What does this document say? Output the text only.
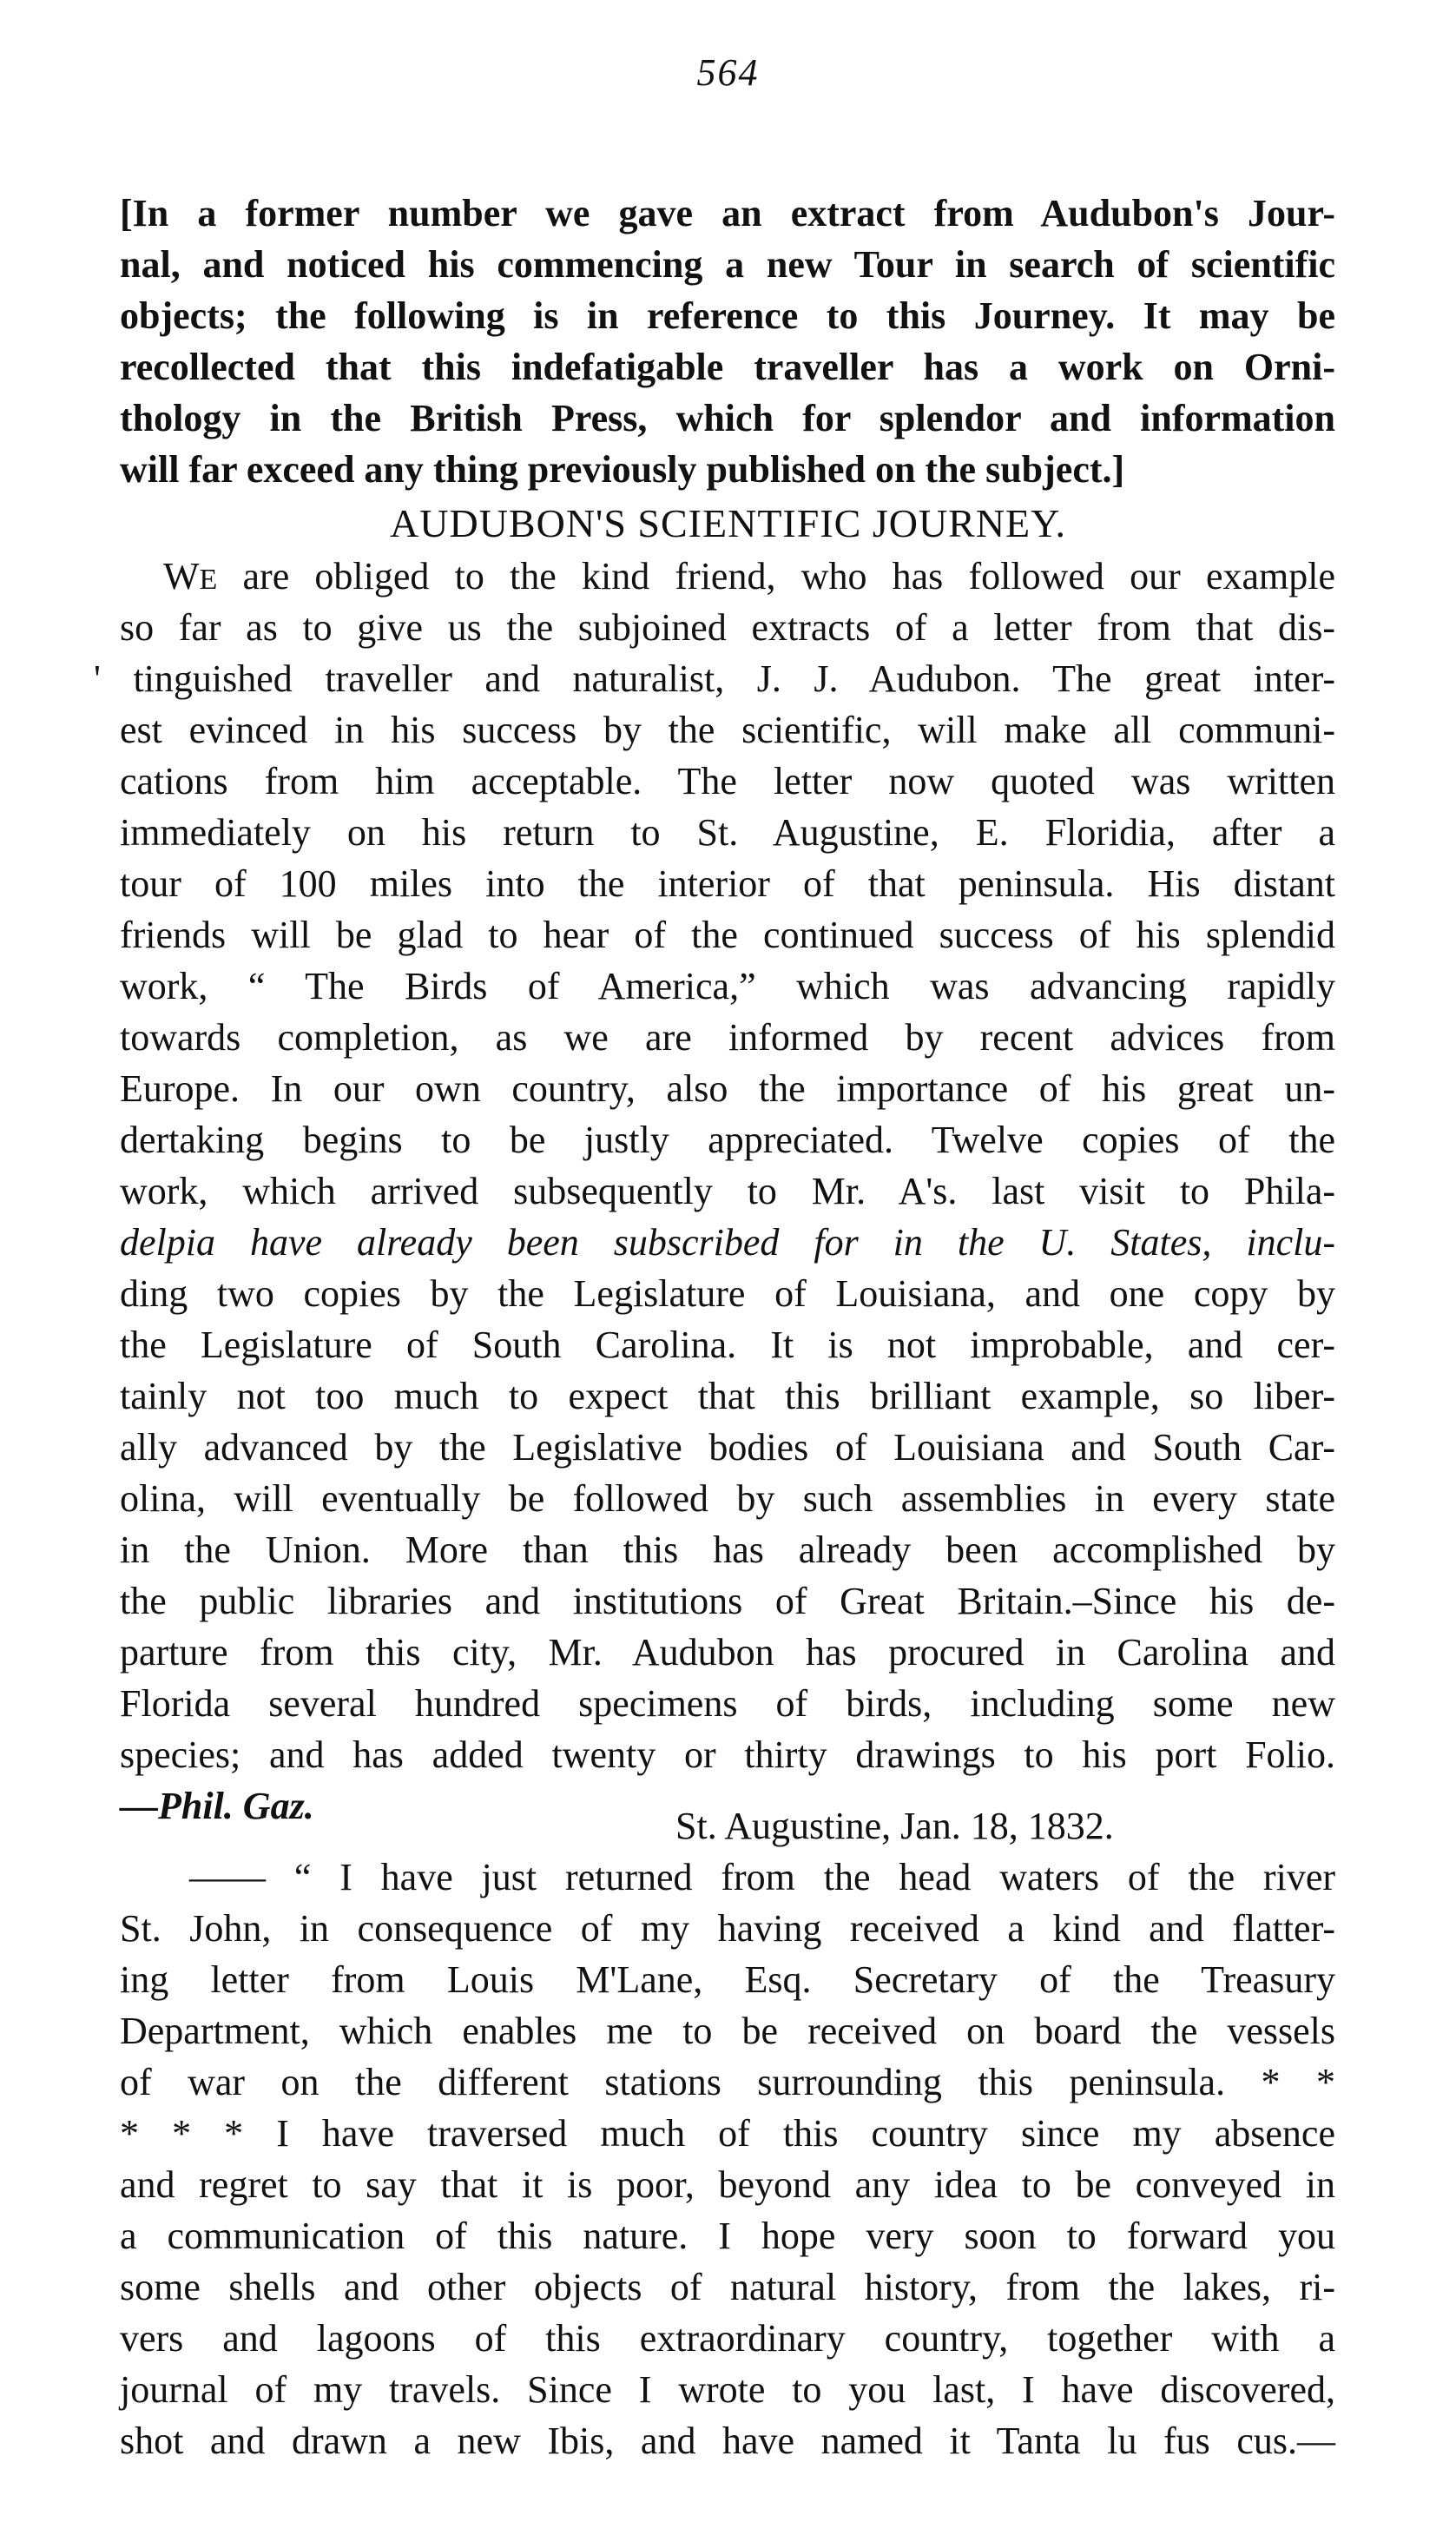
564
[In a former number we gave an extract from Audubon's Jour-
nal, and noticed his commencing a new Tour in search of scientific
objects; the following is in reference to this Journey. It may be
recollected that this indefatigable traveller has a work on Orni-
thology in the British Press, which for splendor and information
will far exceed any thing previously published on the subject.]
AUDUBON'S SCIENTIFIC JOURNEY.
WE are obliged to the kind friend, who has followed our example
so far as to give us the subjoined extracts of a letter from that dis-
' tinguished traveller and naturalist, J. J. Audubon. The great inter-
est evinced in his success by the scientific, will make all communi-
cations from him acceptable. The letter now quoted was written
immediately on his return to St. Augustine, E. Floridia, after a
tour of 100 miles into the interior of that peninsula. His distant
friends will be glad to hear of the continued success of his splendid
work, “ The Birds of America,” which was advancing rapidly
towards completion, as we are informed by recent advices from
Europe. In our own country, also the importance of his great un-
dertaking begins to be justly appreciated. Twelve copies of the
work, which arrived subsequently to Mr. A's. last visit to Phila-
delpia have already been subscribed for in the U. States, inclu-
ding two copies by the Legislature of Louisiana, and one copy by
the Legislature of South Carolina. It is not improbable, and cer-
tainly not too much to expect that this brilliant example, so liber-
ally advanced by the Legislative bodies of Louisiana and South Car-
olina, will eventually be followed by such assemblies in every state
in the Union. More than this has already been accomplished by
the public libraries and institutions of Great Britain.–Since his de-
parture from this city, Mr. Audubon has procured in Carolina and
Florida several hundred specimens of birds, including some new
species; and has added twenty or thirty drawings to his port Folio.
—Phil. Gaz.	St. Augustine, Jan. 18, 1832.
—— “ I have just returned from the head waters of the river
St. John, in consequence of my having received a kind and flatter-
ing letter from Louis M'Lane, Esq. Secretary of the Treasury
Department, which enables me to be received on board the vessels
of war on the different stations surrounding this peninsula. * *
* * * I have traversed much of this country since my absence
and regret to say that it is poor, beyond any idea to be conveyed in
a communication of this nature. I hope very soon to forward you
some shells and other objects of natural history, from the lakes, ri-
vers and lagoons of this extraordinary country, together with a
journal of my travels. Since I wrote to you last, I have discovered,
shot and drawn a new Ibis, and have named it Tanta lu fus cus.—
